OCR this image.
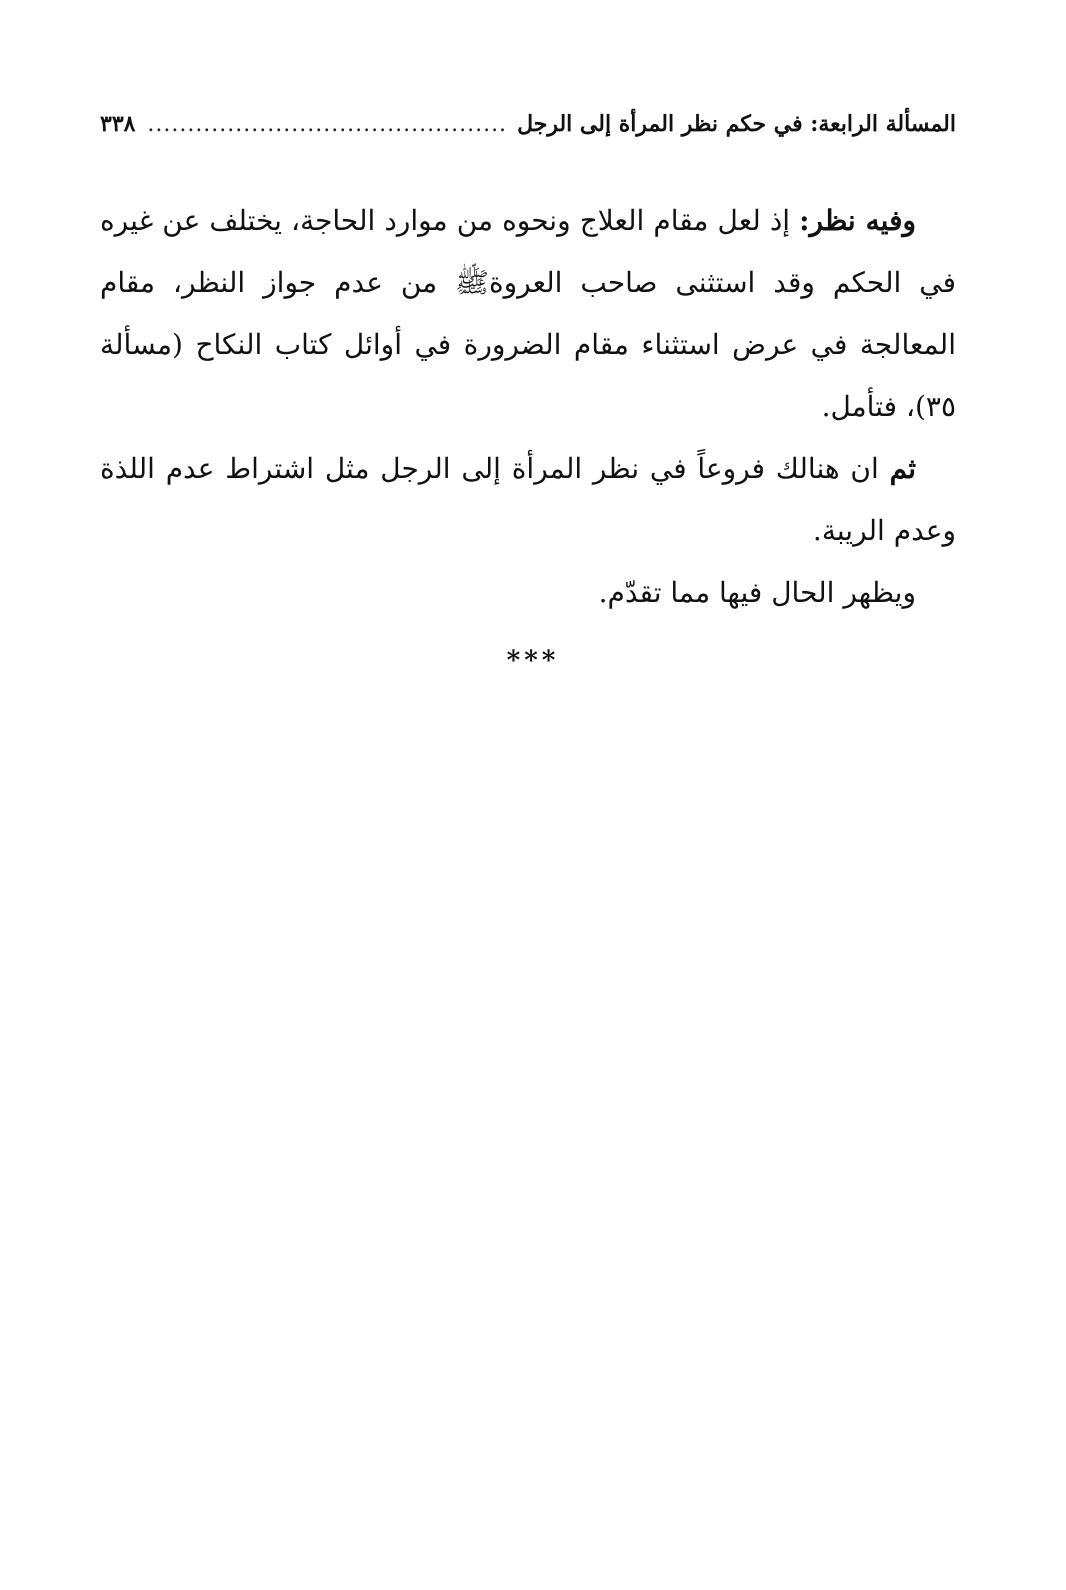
المسألة الرابعة: في حكم نظر المرأة إلى الرجل
.....
٣٣٨

وفيه نظر: إذ لعل مقام العلاج ونحوه من موارد الحاجة، يختلف عن غيره في الحكم وقد استثنى صاحب العروةﷺ من عدم جواز النظر، مقام المعالجة في عرض استثناء مقام الضرورة في أوائل كتاب النكاح (مسألة ٣٥)، فتأمل.

ثم ان هنالك فروعاً في نظر المرأة إلى الرجل مثل اشتراط عدم اللذة وعدم الريبة.

ويظهر الحال فيها مما تقدّم.

***
